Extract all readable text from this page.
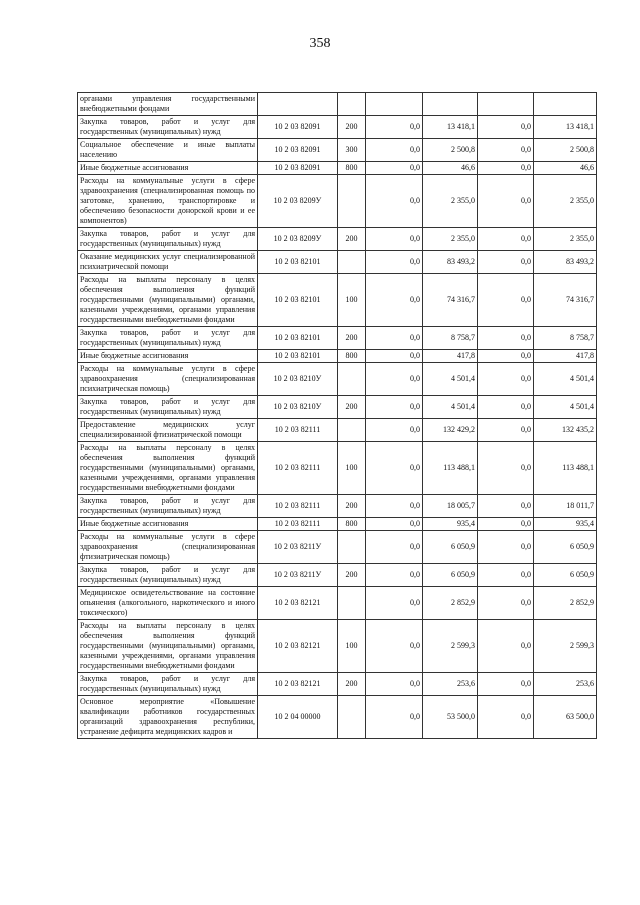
358
органами управления государственными внебюджетными фондами						
Закупка товаров, работ и услуг для государственных (муниципальных) нужд	10 2 03 82091	200	0,0	13 418,1	0,0	13 418,1
Социальное обеспечение и иные выплаты населению	10 2 03 82091	300	0,0	2 500,8	0,0	2 500,8
Иные бюджетные ассигнования	10 2 03 82091	800	0,0	46,6	0,0	46,6
Расходы на коммунальные услуги в сфере здравоохранения (специализированная помощь по заготовке, хранению, транспортировке и обеспечению безопасности донорской крови и ее компонентов)	10 2 03 8209У		0,0	2 355,0	0,0	2 355,0
Закупка товаров, работ и услуг для государственных (муниципальных) нужд	10 2 03 8209У	200	0,0	2 355,0	0,0	2 355,0
Оказание медицинских услуг специализированной психиатрической помощи	10 2 03 82101		0,0	83 493,2	0,0	83 493,2
Расходы на выплаты персоналу в целях обеспечения выполнения функций государственными (муниципальными) органами, казенными учреждениями, органами управления государственными внебюджетными фондами	10 2 03 82101	100	0,0	74 316,7	0,0	74 316,7
Закупка товаров, работ и услуг для государственных (муниципальных) нужд	10 2 03 82101	200	0,0	8 758,7	0,0	8 758,7
Иные бюджетные ассигнования	10 2 03 82101	800	0,0	417,8	0,0	417,8
Расходы на коммунальные услуги в сфере здравоохранения (специализированная психиатрическая помощь)	10 2 03 8210У		0,0	4 501,4	0,0	4 501,4
Закупка товаров, работ и услуг для государственных (муниципальных) нужд	10 2 03 8210У	200	0,0	4 501,4	0,0	4 501,4
Предоставление медицинских услуг специализированной фтизиатрической помощи	10 2 03 82111		0,0	132 429,2	0,0	132 435,2
Расходы на выплаты персоналу в целях обеспечения выполнения функций государственными (муниципальными) органами, казенными учреждениями, органами управления государственными внебюджетными фондами	10 2 03 82111	100	0,0	113 488,1	0,0	113 488,1
Закупка товаров, работ и услуг для государственных (муниципальных) нужд	10 2 03 82111	200	0,0	18 005,7	0,0	18 011,7
Иные бюджетные ассигнования	10 2 03 82111	800	0,0	935,4	0,0	935,4
Расходы на коммунальные услуги в сфере здравоохранения (специализированная фтизиатрическая помощь)	10 2 03 8211У		0,0	6 050,9	0,0	6 050,9
Закупка товаров, работ и услуг для государственных (муниципальных) нужд	10 2 03 8211У	200	0,0	6 050,9	0,0	6 050,9
Медицинское освидетельствование на состояние опьянения (алкогольного, наркотического и иного токсического)	10 2 03 82121		0,0	2 852,9	0,0	2 852,9
Расходы на выплаты персоналу в целях обеспечения выполнения функций государственными (муниципальными) органами, казенными учреждениями, органами управления государственными внебюджетными фондами	10 2 03 82121	100	0,0	2 599,3	0,0	2 599,3
Закупка товаров, работ и услуг для государственных (муниципальных) нужд	10 2 03 82121	200	0,0	253,6	0,0	253,6
Основное мероприятие «Повышение квалификации работников государственных организаций здравоохранения республики, устранение дефицита медицинских кадров и	10 2 04 00000		0,0	53 500,0	0,0	63 500,0
